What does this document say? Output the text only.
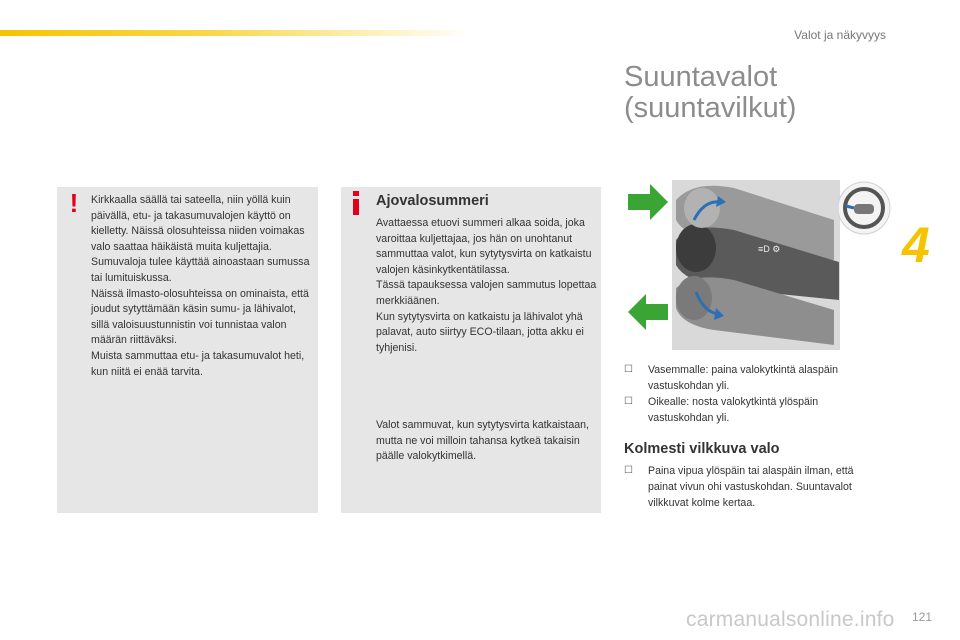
Valot ja näkyvyys
Suuntavalot
(suuntavilkut)
! Kirkkaalla säällä tai sateella, niin yöllä kuin päivällä, etu- ja takasumuvalojen käyttö on kielletty. Näissä olosuhteissa niiden voimakas valo saattaa häikäistä muita kuljettajia. Sumuvaloja tulee käyttää ainoastaan sumussa tai lumituiskussa.
Näissä ilmasto-olosuhteissa on ominaista, että joudut sytyttämään käsin sumu- ja lähivalot, sillä valoisuustunnistin voi tunnistaa valon määrän riittäväksi.
Muista sammuttaa etu- ja takasumuvalot heti, kun niitä ei enää tarvita.

Ajovalosummeri

Avattaessa etuovi summeri alkaa soida, joka varoittaa kuljettajaa, jos hän on unohtanut sammuttaa valot, kun sytytysvirta on katkaistu valojen käsinkytkentätilassa.
Tässä tapauksessa valojen sammutus lopettaa merkkiäänen.
Kun sytytysvirta on katkaistu ja lähivalot yhä palavat, auto siirtyy ECO-tilaan, jotta akku ei tyhjenisi.

Valot sammuvat, kun sytytysvirta katkaistaan, mutta ne voi milloin tahansa kytkeä takaisin päälle valokytkimellä.

≡D ⚙ 4
☐ Vasemmalle: paina valokytkintä alaspäin vastuskohdan yli.
☐ Oikealle: nosta valokytkintä ylöspäin vastuskohdan yli.
Kolmesti vilkkuva valo
☐ Paina vipua ylöspäin tai alaspäin ilman, että painat vivun ohi vastuskohdan. Suuntavalot vilkkuvat kolme kertaa.
carmanualsonline.info 121
